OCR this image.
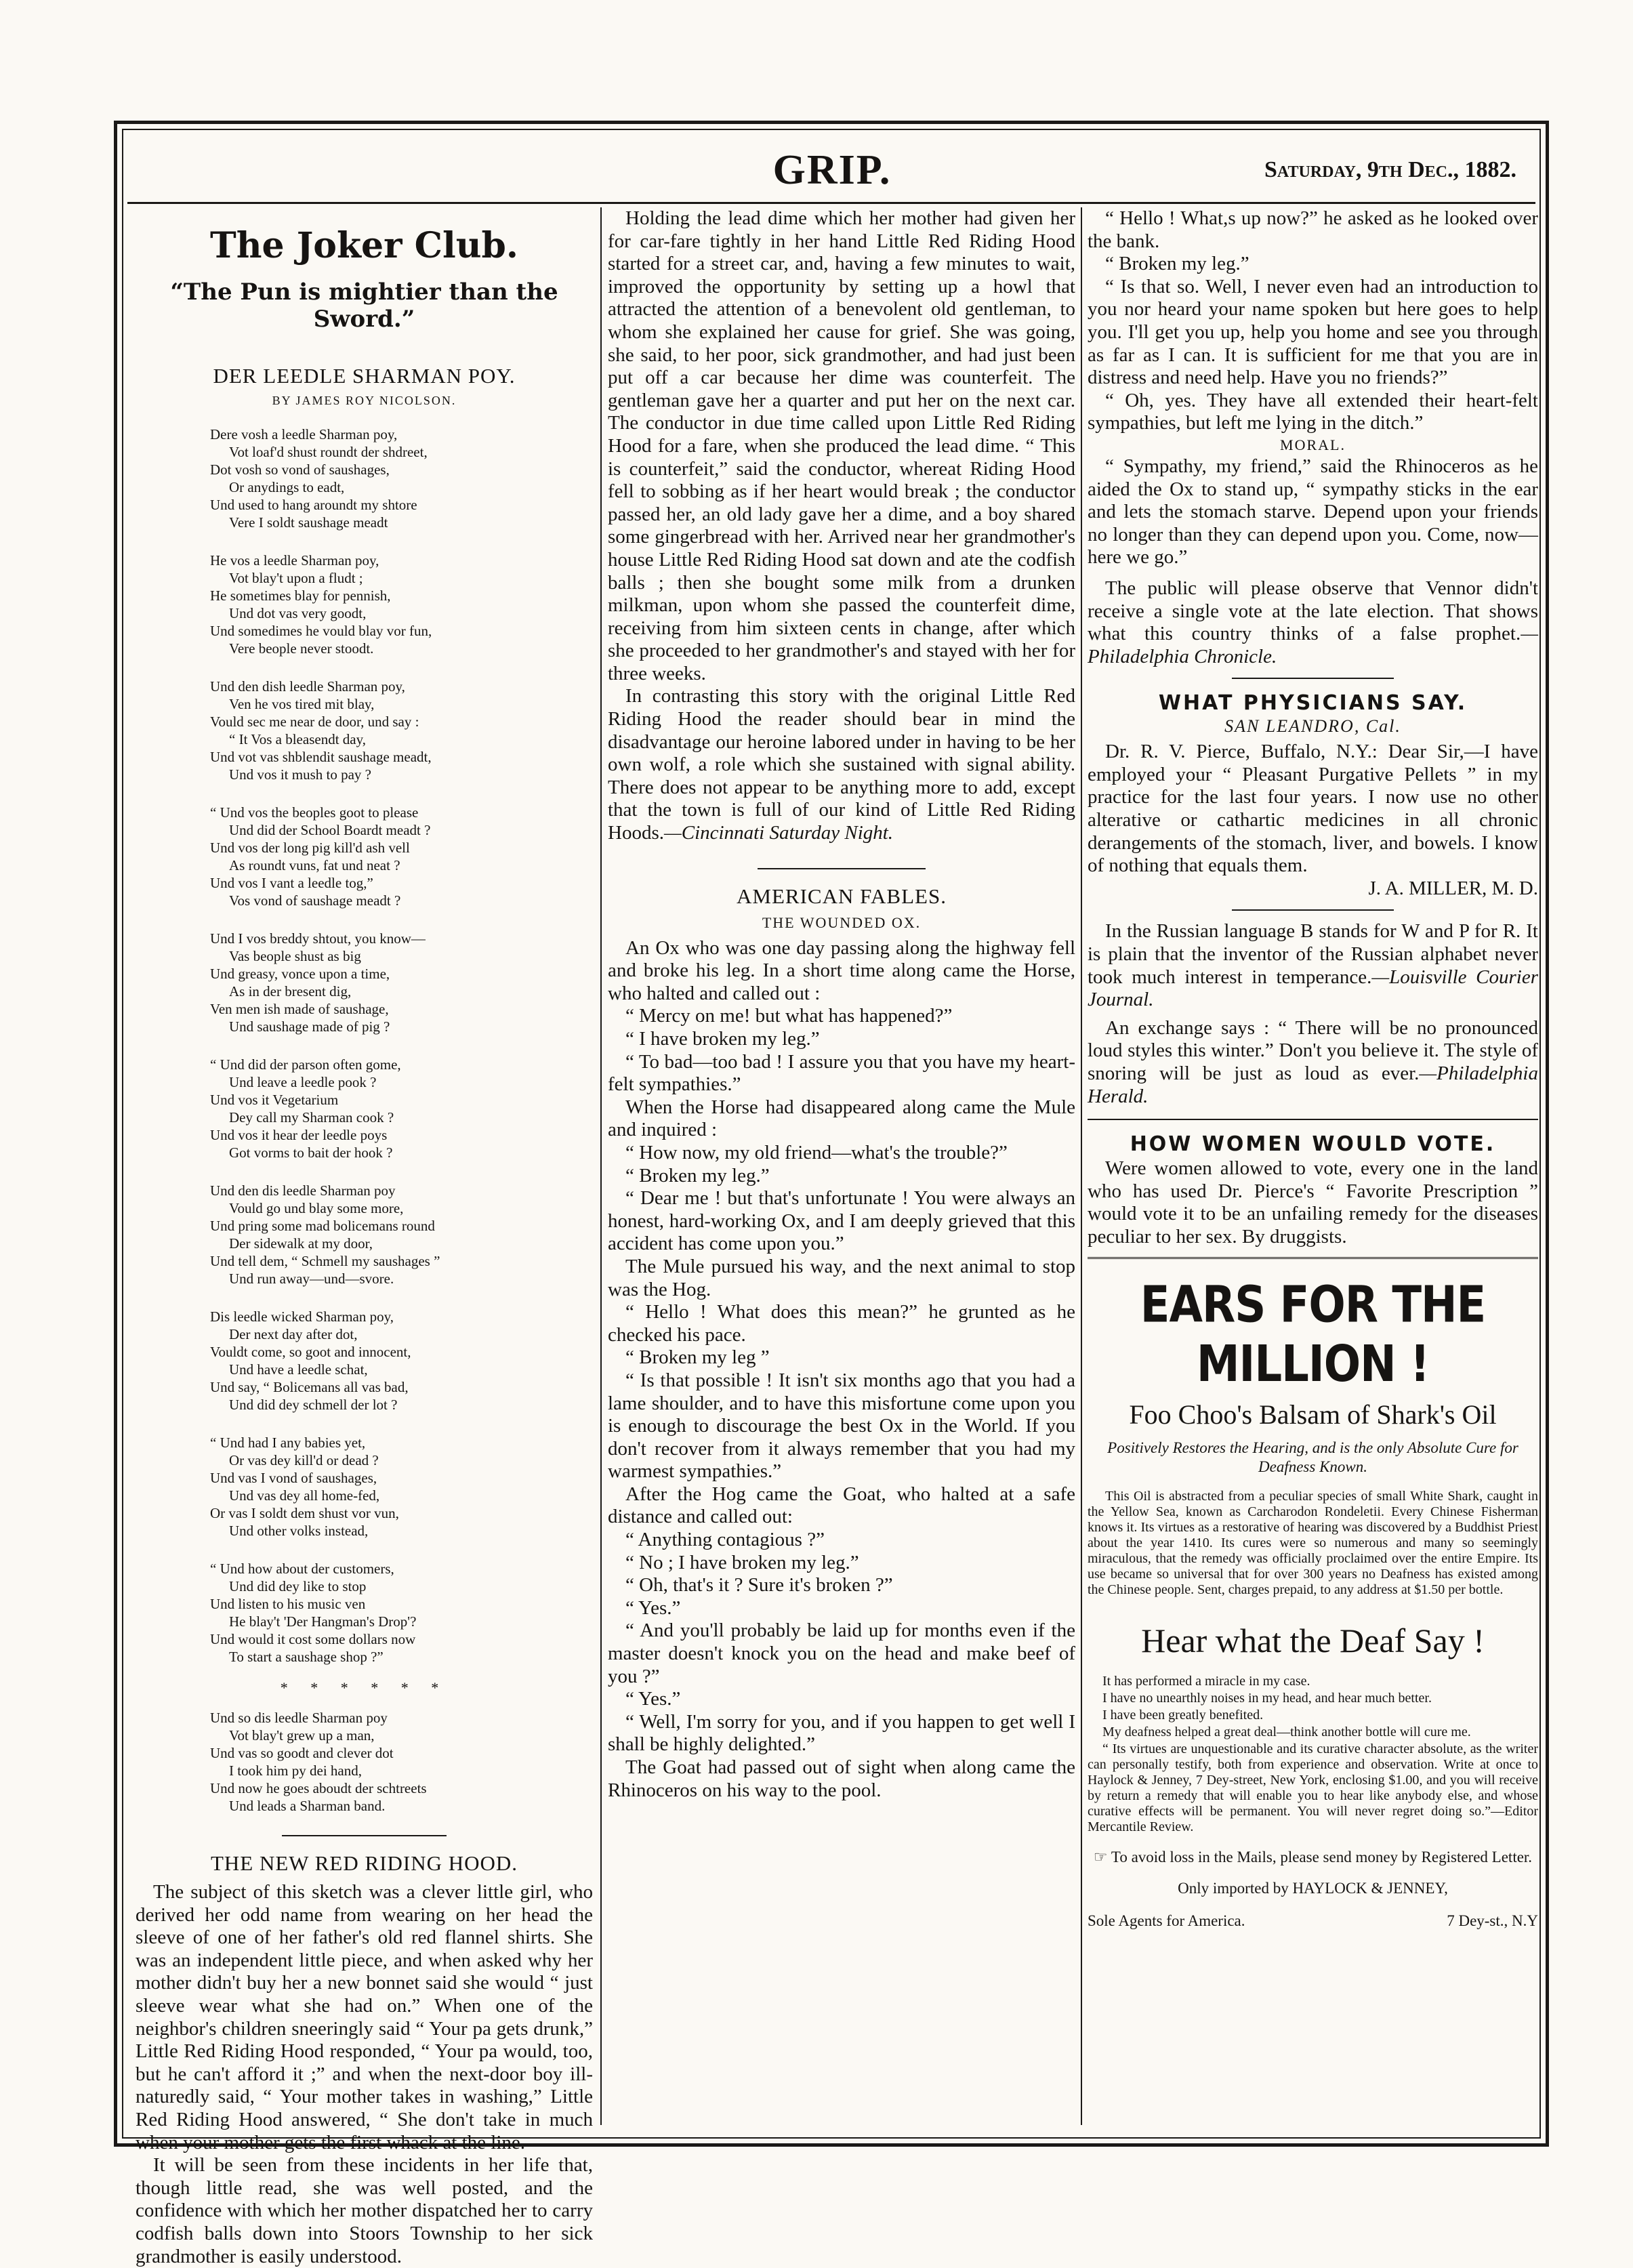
GRIP.	Saturday, 9th Dec., 1882.
The Joker Club.
“The Pun is mightier than the Sword.”
DER LEEDLE SHARMAN POY.
BY JAMES ROY NICOLSON.
Dere vosh a leedle Sharman poy,
Vot loaf'd shust roundt der shdreet,
Dot vosh so vond of saushages,
Or anydings to eadt,
Und used to hang aroundt my shtore
Vere I soldt saushage meadt
He vos a leedle Sharman poy,
Vot blay't upon a fludt ;
He sometimes blay for pennish,
Und dot vas very goodt,
Und somedimes he vould blay vor fun,
Vere beople never stoodt.
Und den dish leedle Sharman poy,
Ven he vos tired mit blay,
Vould sec me near de door, und say :
“ It Vos a bleasendt day,
Und vot vas shblendit saushage meadt,
Und vos it mush to pay ?
“ Und vos the beoples goot to please
Und did der School Boardt meadt ?
Und vos der long pig kill'd ash vell
As roundt vuns, fat und neat ?
Und vos I vant a leedle tog,”
Vos vond of saushage meadt ?
Und I vos breddy shtout, you know—
Vas beople shust as big
Und greasy, vonce upon a time,
As in der bresent dig,
Ven men ish made of saushage,
Und saushage made of pig ?
“ Und did der parson often gome,
Und leave a leedle pook ?
Und vos it Vegetarium
Dey call my Sharman cook ?
Und vos it hear der leedle poys
Got vorms to bait der hook ?
Und den dis leedle Sharman poy
Vould go und blay some more,
Und pring some mad bolicemans round
Der sidewalk at my door,
Und tell dem, “ Schmell my saushages ”
Und run away—und—svore.
Dis leedle wicked Sharman poy,
Der next day after dot,
Vouldt come, so goot and innocent,
Und have a leedle schat,
Und say, “ Bolicemans all vas bad,
Und did dey schmell der lot ?
“ Und had I any babies yet,
Or vas dey kill'd or dead ?
Und vas I vond of saushages,
Und vas dey all home-fed,
Or vas I soldt dem shust vor vun,
Und other volks instead,
“ Und how about der customers,
Und did dey like to stop
Und listen to his music ven
He blay't 'Der Hangman's Drop'?
Und would it cost some dollars now
To start a saushage shop ?”
* * * * * *
Und so dis leedle Sharman poy
Vot blay't grew up a man,
Und vas so goodt and clever dot
I took him py dei hand,
Und now he goes aboudt der schtreets
Und leads a Sharman band.
THE NEW RED RIDING HOOD.

The subject of this sketch was a clever little girl, who derived her odd name from wearing on her head the sleeve of one of her father's old red flannel shirts. She was an independent little piece, and when asked why her mother didn't buy her a new bonnet said she would “ just sleeve wear what she had on.” When one of the neighbor's children sneeringly said “ Your pa gets drunk,” Little Red Riding Hood responded, “ Your pa would, too, but he can't afford it ;” and when the next-door boy ill-naturedly said, “ Your mother takes in washing,” Little Red Riding Hood answered, “ She don't take in much when your mother gets the first whack at the line.

It will be seen from these incidents in her life that, though little read, she was well posted, and the confidence with which her mother dispatched her to carry codfish balls down into Stoors Township to her sick grandmother is easily understood.

Holding the lead dime which her mother had given her for car-fare tightly in her hand Little Red Riding Hood started for a street car, and, having a few minutes to wait, improved the opportunity by setting up a howl that attracted the attention of a benevolent old gentleman, to whom she explained her cause for grief. She was going, she said, to her poor, sick grandmother, and had just been put off a car because her dime was counterfeit. The gentleman gave her a quarter and put her on the next car. The conductor in due time called upon Little Red Riding Hood for a fare, when she produced the lead dime. “ This is counterfeit,” said the conductor, whereat Riding Hood fell to sobbing as if her heart would break ; the conductor passed her, an old lady gave her a dime, and a boy shared some gingerbread with her. Arrived near her grandmother's house Little Red Riding Hood sat down and ate the codfish balls ; then she bought some milk from a drunken milkman, upon whom she passed the counterfeit dime, receiving from him sixteen cents in change, after which she proceeded to her grandmother's and stayed with her for three weeks.

In contrasting this story with the original Little Red Riding Hood the reader should bear in mind the disadvantage our heroine labored under in having to be her own wolf, a role which she sustained with signal ability. There does not appear to be anything more to add, except that the town is full of our kind of Little Red Riding Hoods.—Cincinnati Saturday Night.

AMERICAN FABLES.
THE WOUNDED OX.

An Ox who was one day passing along the highway fell and broke his leg. In a short time along came the Horse, who halted and called out :

“ Mercy on me! but what has happened?”

“ I have broken my leg.”

“ To bad—too bad ! I assure you that you have my heart-felt sympathies.”

When the Horse had disappeared along came the Mule and inquired :

“ How now, my old friend—what's the trouble?”

“ Broken my leg.”

“ Dear me ! but that's unfortunate ! You were always an honest, hard-working Ox, and I am deeply grieved that this accident has come upon you.”

The Mule pursued his way, and the next animal to stop was the Hog.

“ Hello ! What does this mean?” he grunted as he checked his pace.

“ Broken my leg ”

“ Is that possible ! It isn't six months ago that you had a lame shoulder, and to have this misfortune come upon you is enough to discourage the best Ox in the World. If you don't recover from it always remember that you had my warmest sympathies.”

After the Hog came the Goat, who halted at a safe distance and called out:

“ Anything contagious ?”

“ No ; I have broken my leg.”

“ Oh, that's it ? Sure it's broken ?”

“ Yes.”

“ And you'll probably be laid up for months even if the master doesn't knock you on the head and make beef of you ?”

“ Yes.”

“ Well, I'm sorry for you, and if you happen to get well I shall be highly delighted.”

The Goat had passed out of sight when along came the Rhinoceros on his way to the pool.

“ Hello ! What,s up now?” he asked as he looked over the bank.

“ Broken my leg.”

“ Is that so. Well, I never even had an introduction to you nor heard your name spoken but here goes to help you. I'll get you up, help you home and see you through as far as I can. It is sufficient for me that you are in distress and need help. Have you no friends?”

“ Oh, yes. They have all extended their heart-felt sympathies, but left me lying in the ditch.”

MORAL.

“ Sympathy, my friend,” said the Rhinoceros as he aided the Ox to stand up, “ sympathy sticks in the ear and lets the stomach starve. Depend upon your friends no longer than they can depend upon you. Come, now—here we go.”

The public will please observe that Vennor didn't receive a single vote at the late election. That shows what this country thinks of a false prophet.—Philadelphia Chronicle.

WHAT PHYSICIANS SAY.
SAN LEANDRO, Cal.

Dr. R. V. Pierce, Buffalo, N.Y.: Dear Sir,—I have employed your “ Pleasant Purgative Pellets ” in my practice for the last four years. I now use no other alterative or cathartic medicines in all chronic derangements of the stomach, liver, and bowels. I know of nothing that equals them.

J. A. MILLER, M. D.

In the Russian language B stands for W and P for R. It is plain that the inventor of the Russian alphabet never took much interest in temperance.—Louisville Courier Journal.

An exchange says : “ There will be no pronounced loud styles this winter.” Don't you believe it. The style of snoring will be just as loud as ever.—Philadelphia Herald.

HOW WOMEN WOULD VOTE.

Were women allowed to vote, every one in the land who has used Dr. Pierce's “ Favorite Prescription ” would vote it to be an unfailing remedy for the diseases peculiar to her sex. By druggists.

EARS FOR THE MILLION !
Foo Choo's Balsam of Shark's Oil
Positively Restores the Hearing, and is the only Absolute Cure for Deafness Known.

This Oil is abstracted from a peculiar species of small White Shark, caught in the Yellow Sea, known as Carcharodon Rondeletii. Every Chinese Fisherman knows it. Its virtues as a restorative of hearing was discovered by a Buddhist Priest about the year 1410. Its cures were so numerous and many so seemingly miraculous, that the remedy was officially proclaimed over the entire Empire. Its use became so universal that for over 300 years no Deafness has existed among the Chinese people. Sent, charges prepaid, to any address at $1.50 per bottle.

Hear what the Deaf Say !

It has performed a miracle in my case.

I have no unearthly noises in my head, and hear much better.

I have been greatly benefited.

My deafness helped a great deal—think another bottle will cure me.

“ Its virtues are unquestionable and its curative character absolute, as the writer can personally testify, both from experience and observation. Write at once to Haylock & Jenney, 7 Dey-street, New York, enclosing $1.00, and you will receive by return a remedy that will enable you to hear like anybody else, and whose curative effects will be permanent. You will never regret doing so.”—Editor Mercantile Review.

☞ To avoid loss in the Mails, please send money by Registered Letter.
Only imported by HAYLOCK & JENNEY,
Sole Agents for America.	7 Dey-st., N.Y
